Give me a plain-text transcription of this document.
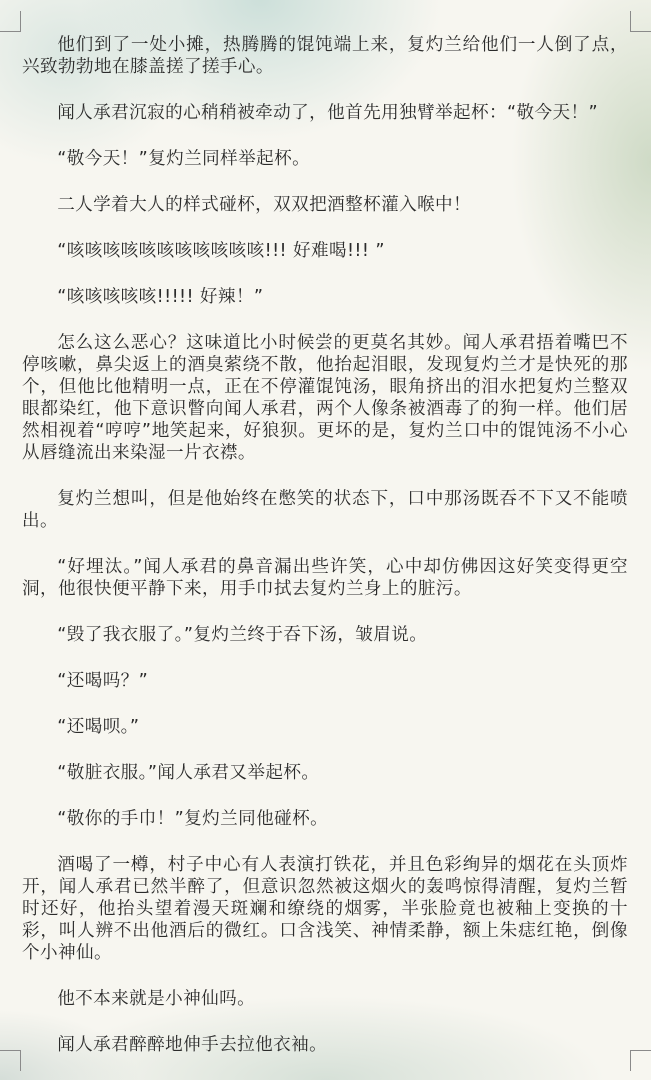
他们到了一处小摊，热腾腾的馄饨端上来，复灼兰给他们一人倒了点，兴致勃勃地在膝盖搓了搓手心。

闻人承君沉寂的心稍稍被牵动了，他首先用独臂举起杯：“敬今天！”

“敬今天！”复灼兰同样举起杯。

二人学着大人的样式碰杯，双双把酒整杯灌入喉中！

“咳咳咳咳咳咳咳咳咳咳咳!!! 好难喝!!! ”

“咳咳咳咳咳!!!!! 好辣！”

怎么这么恶心？这味道比小时候尝的更莫名其妙。闻人承君捂着嘴巴不停咳嗽，鼻尖返上的酒臭萦绕不散，他抬起泪眼，发现复灼兰才是快死的那个，但他比他精明一点，正在不停灌馄饨汤，眼角挤出的泪水把复灼兰整双眼都染红，他下意识瞥向闻人承君，两个人像条被酒毒了的狗一样。他们居然相视着“哼哼”地笑起来，好狼狈。更坏的是，复灼兰口中的馄饨汤不小心从唇缝流出来染湿一片衣襟。

复灼兰想叫，但是他始终在憋笑的状态下，口中那汤既吞不下又不能喷出。

“好埋汰。”闻人承君的鼻音漏出些许笑，心中却仿佛因这好笑变得更空洞，他很快便平静下来，用手巾拭去复灼兰身上的脏污。

“毁了我衣服了。”复灼兰终于吞下汤，皱眉说。

“还喝吗？”

“还喝呗。”

“敬脏衣服。”闻人承君又举起杯。

“敬你的手巾！”复灼兰同他碰杯。

酒喝了一樽，村子中心有人表演打铁花，并且色彩绚异的烟花在头顶炸开，闻人承君已然半醉了，但意识忽然被这烟火的轰鸣惊得清醒，复灼兰暂时还好，他抬头望着漫天斑斓和缭绕的烟雾，半张脸竟也被釉上变换的十彩，叫人辨不出他酒后的微红。口含浅笑、神情柔静，额上朱痣红艳，倒像个小神仙。

他不本来就是小神仙吗。

闻人承君醉醉地伸手去拉他衣袖。
